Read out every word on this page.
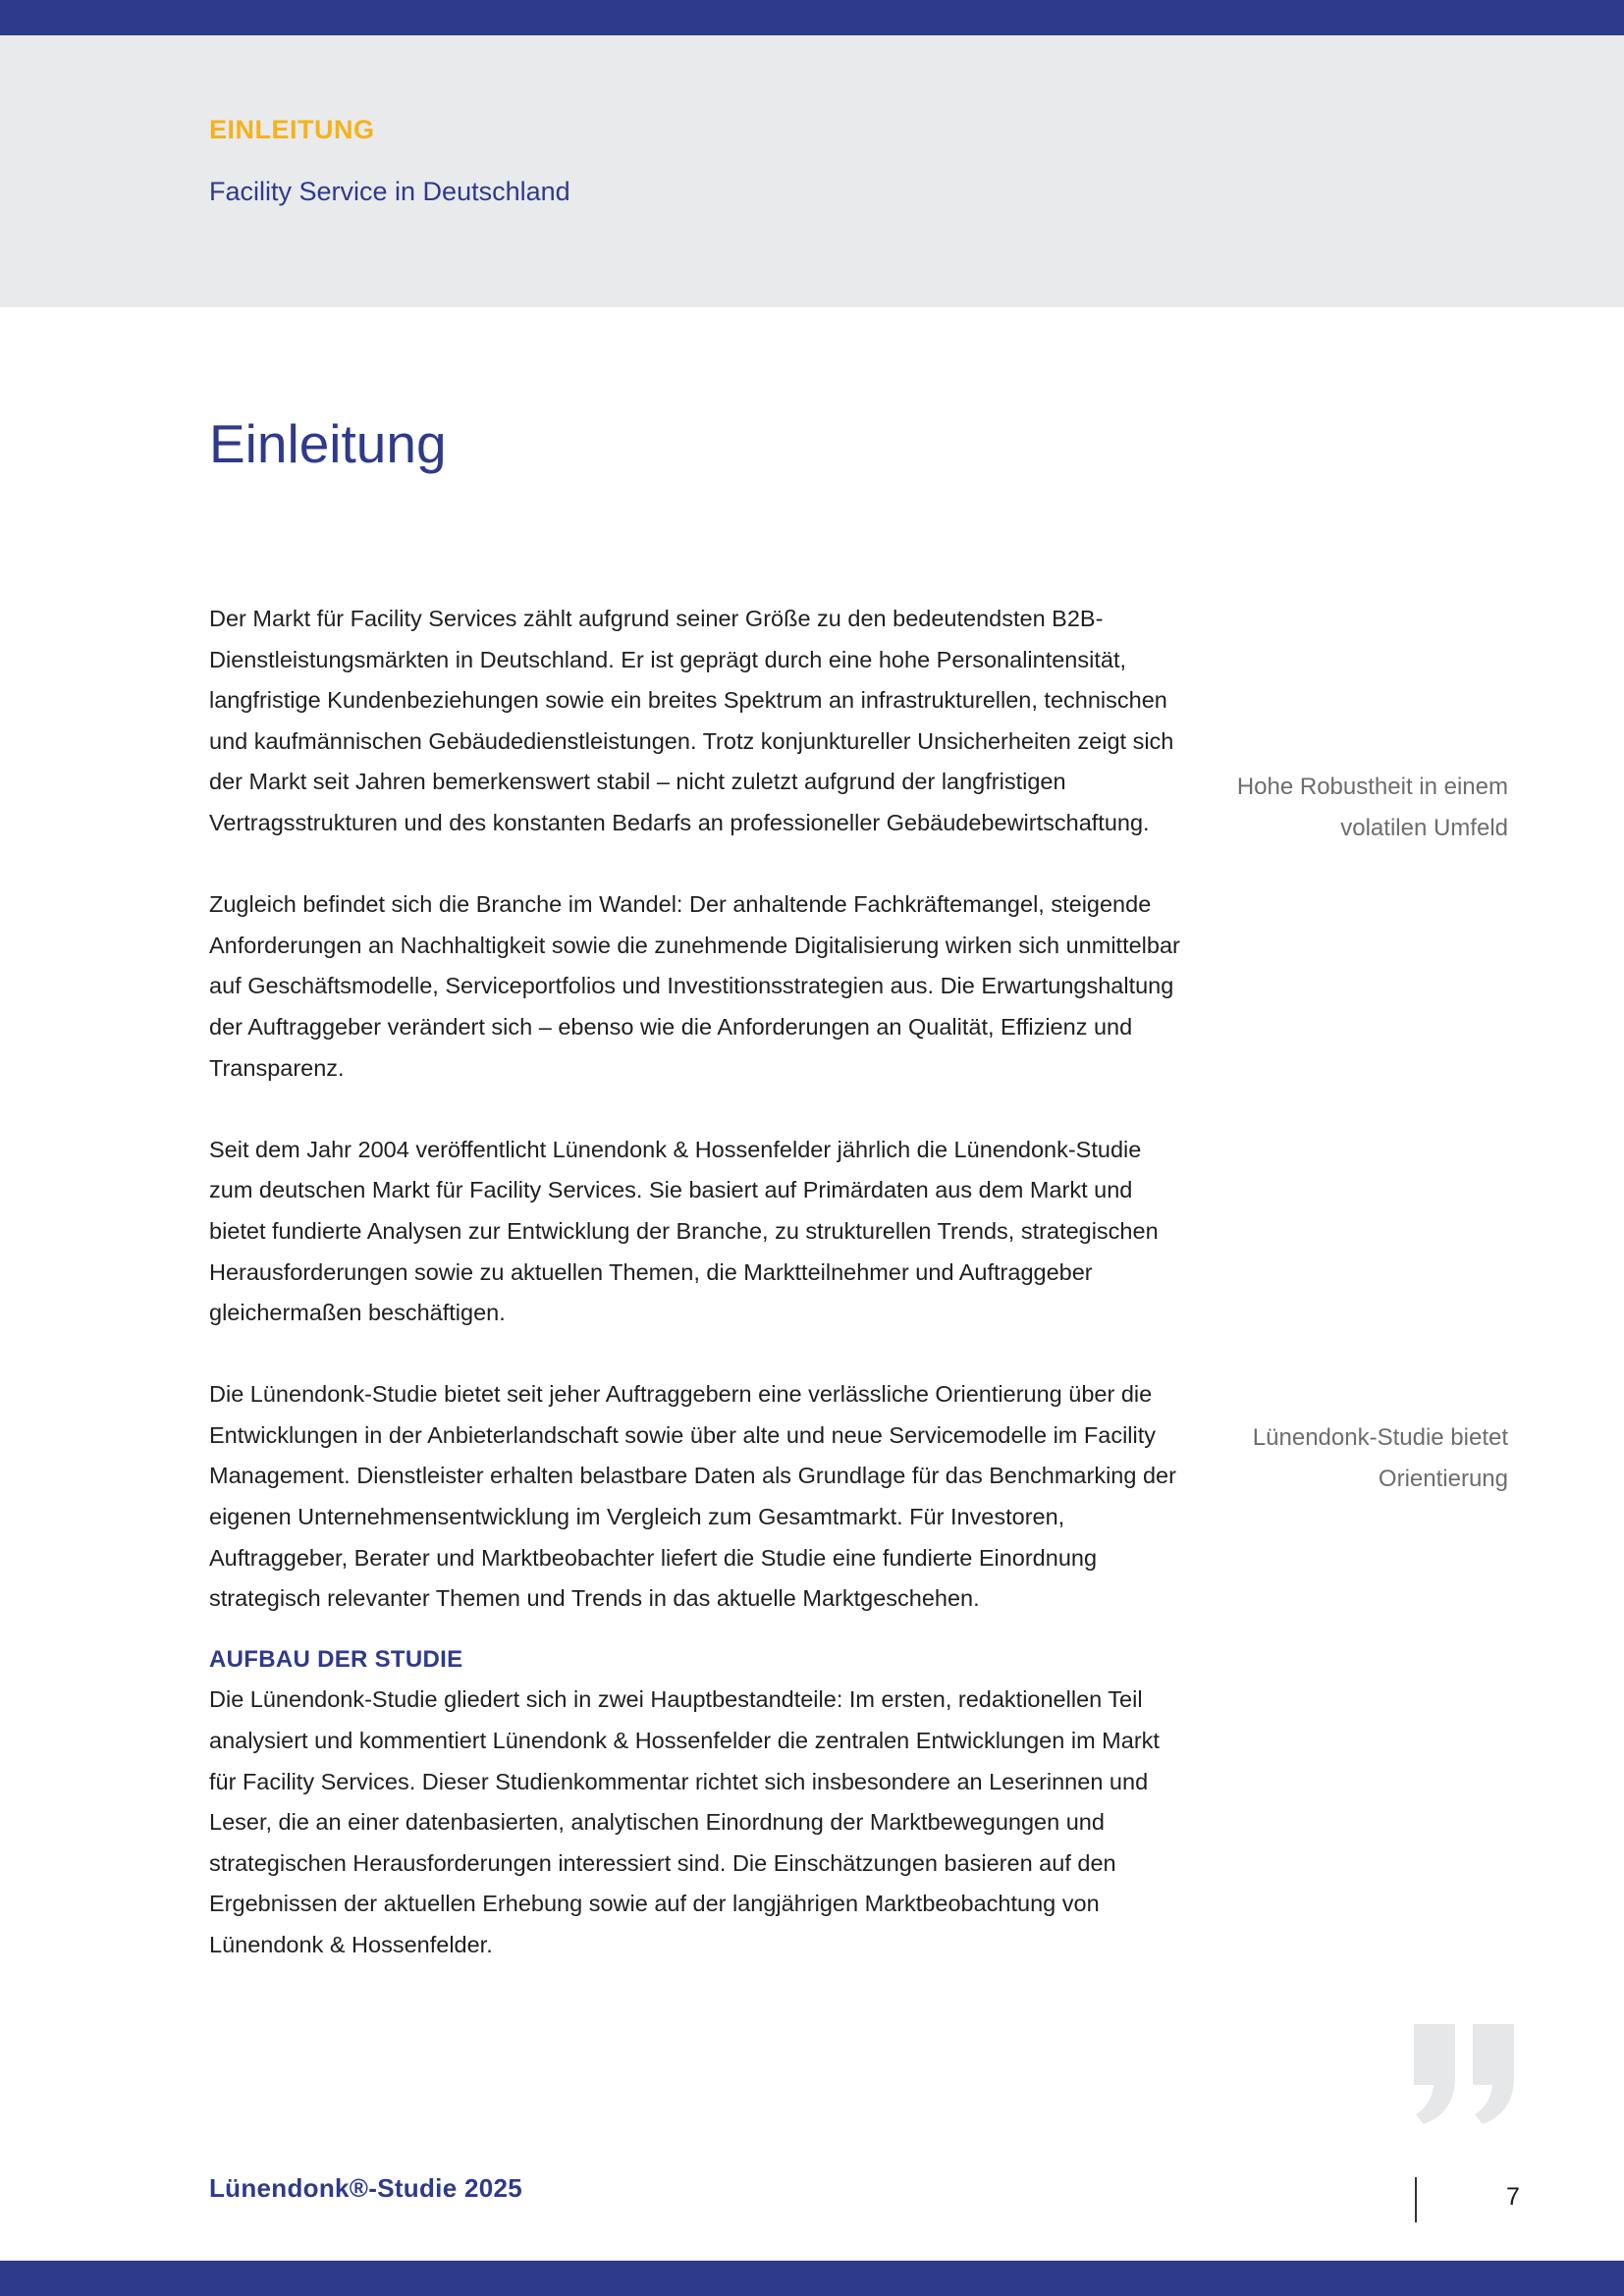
EINLEITUNG
Facility Service in Deutschland
Einleitung

Der Markt für Facility Services zählt aufgrund seiner Größe zu den bedeutendsten B2B-Dienstleistungsmärkten in Deutschland. Er ist geprägt durch eine hohe Personalintensität, langfristige Kundenbeziehungen sowie ein breites Spektrum an infrastrukturellen, technischen und kaufmännischen Gebäudedienstleistungen. Trotz konjunktureller Unsicherheiten zeigt sich der Markt seit Jahren bemerkenswert stabil – nicht zuletzt aufgrund der langfristigen Vertragsstrukturen und des konstanten Bedarfs an professioneller Gebäudebewirtschaftung.

Zugleich befindet sich die Branche im Wandel: Der anhaltende Fachkräftemangel, steigende Anforderungen an Nachhaltigkeit sowie die zunehmende Digitalisierung wirken sich unmittelbar auf Geschäftsmodelle, Serviceportfolios und Investitionsstrategien aus. Die Erwartungshaltung der Auftraggeber verändert sich – ebenso wie die Anforderungen an Qualität, Effizienz und Transparenz.

Seit dem Jahr 2004 veröffentlicht Lünendonk & Hossenfelder jährlich die Lünendonk-Studie zum deutschen Markt für Facility Services. Sie basiert auf Primärdaten aus dem Markt und bietet fundierte Analysen zur Entwicklung der Branche, zu strukturellen Trends, strategischen Herausforderungen sowie zu aktuellen Themen, die Marktteilnehmer und Auftraggeber gleichermaßen beschäftigen.

Die Lünendonk-Studie bietet seit jeher Auftraggebern eine verlässliche Orientierung über die Entwicklungen in der Anbieterlandschaft sowie über alte und neue Servicemodelle im Facility Management. Dienstleister erhalten belastbare Daten als Grundlage für das Benchmarking der eigenen Unternehmensentwicklung im Vergleich zum Gesamtmarkt. Für Investoren, Auftraggeber, Berater und Marktbeobachter liefert die Studie eine fundierte Einordnung strategisch relevanter Themen und Trends in das aktuelle Marktgeschehen.

AUFBAU DER STUDIE

Die Lünendonk-Studie gliedert sich in zwei Hauptbestandteile: Im ersten, redaktionellen Teil analysiert und kommentiert Lünendonk & Hossenfelder die zentralen Entwicklungen im Markt für Facility Services. Dieser Studienkommentar richtet sich insbesondere an Leserinnen und Leser, die an einer datenbasierten, analytischen Einordnung der Marktbewegungen und strategischen Herausforderungen interessiert sind. Die Einschätzungen basieren auf den Ergebnissen der aktuellen Erhebung sowie auf der langjährigen Marktbeobachtung von Lünendonk & Hossenfelder.

Hohe Robustheit in einem volatilen Umfeld
Lünendonk-Studie bietet Orientierung
Lünendonk®-Studie 2025	7
